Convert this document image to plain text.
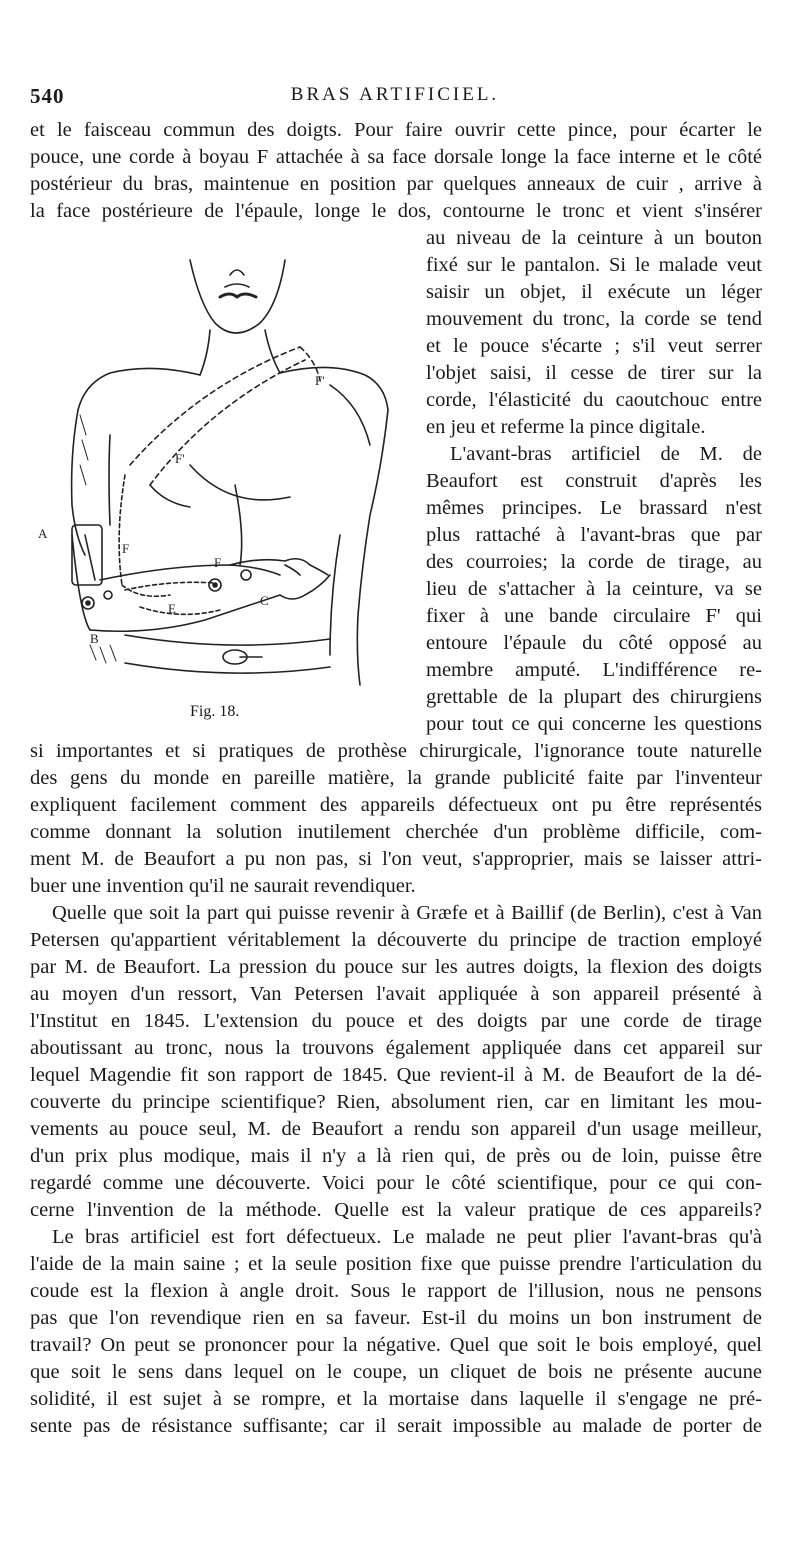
540	BRAS ARTIFICIEL.
et le faisceau commun des doigts. Pour faire ouvrir cette pince, pour écarter le
pouce, une corde à boyau F attachée à sa face dorsale longe la face interne et le côté
postérieur du bras, maintenue en position par quelques anneaux de cuir , arrive à
la face postérieure de l'épaule, longe le dos, contourne le tronc et vient s'insérer
au niveau de la ceinture à un bouton
fixé sur le pantalon. Si le malade veut
saisir un objet, il exécute un léger
mouvement du tronc, la corde se tend
et le pouce s'écarte ; s'il veut serrer
l'objet saisi, il cesse de tirer sur la
corde, l'élasticité du caoutchouc entre
en jeu et referme la pince digitale.
L'avant-bras artificiel de M. de
Beaufort est construit d'après les
mêmes principes. Le brassard n'est
plus rattaché à l'avant-bras que par
des courroies; la corde de tirage, au
lieu de s'attacher à la ceinture, va se
fixer à une bande circulaire F' qui
entoure l'épaule du côté opposé au
membre amputé. L'indifférence re-
grettable de la plupart des chirurgiens
pour tout ce qui concerne les questions
si importantes et si pratiques de prothèse chirurgicale, l'ignorance toute naturelle
des gens du monde en pareille matière, la grande publicité faite par l'inventeur
expliquent facilement comment des appareils défectueux ont pu être représentés
comme donnant la solution inutilement cherchée d'un problème difficile, com-
ment M. de Beaufort a pu non pas, si l'on veut, s'approprier, mais se laisser attri-
buer une invention qu'il ne saurait revendiquer.
Quelle que soit la part qui puisse revenir à Græfe et à Baillif (de Berlin), c'est à Van
Petersen qu'appartient véritablement la découverte du principe de traction employé
par M. de Beaufort. La pression du pouce sur les autres doigts, la flexion des doigts
au moyen d'un ressort, Van Petersen l'avait appliquée à son appareil présenté à
l'Institut en 1845. L'extension du pouce et des doigts par une corde de tirage
aboutissant au tronc, nous la trouvons également appliquée dans cet appareil sur
lequel Magendie fit son rapport de 1845. Que revient-il à M. de Beaufort de la dé-
couverte du principe scientifique? Rien, absolument rien, car en limitant les mou-
vements au pouce seul, M. de Beaufort a rendu son appareil d'un usage meilleur,
d'un prix plus modique, mais il n'y a là rien qui, de près ou de loin, puisse être
regardé comme une découverte. Voici pour le côté scientifique, pour ce qui con-
cerne l'invention de la méthode. Quelle est la valeur pratique de ces appareils?
Le bras artificiel est fort défectueux. Le malade ne peut plier l'avant-bras qu'à
l'aide de la main saine ; et la seule position fixe que puisse prendre l'articulation du
coude est la flexion à angle droit. Sous le rapport de l'illusion, nous ne pensons
pas que l'on revendique rien en sa faveur. Est-il du moins un bon instrument de
travail? On peut se prononcer pour la négative. Quel que soit le bois employé, quel
que soit le sens dans lequel on le coupe, un cliquet de bois ne présente aucune
solidité, il est sujet à se rompre, et la mortaise dans laquelle il s'engage ne pré-
sente pas de résistance suffisante; car il serait impossible au malade de porter de
A
B
C
E
F
F
F'
F'
Fig. 18.
